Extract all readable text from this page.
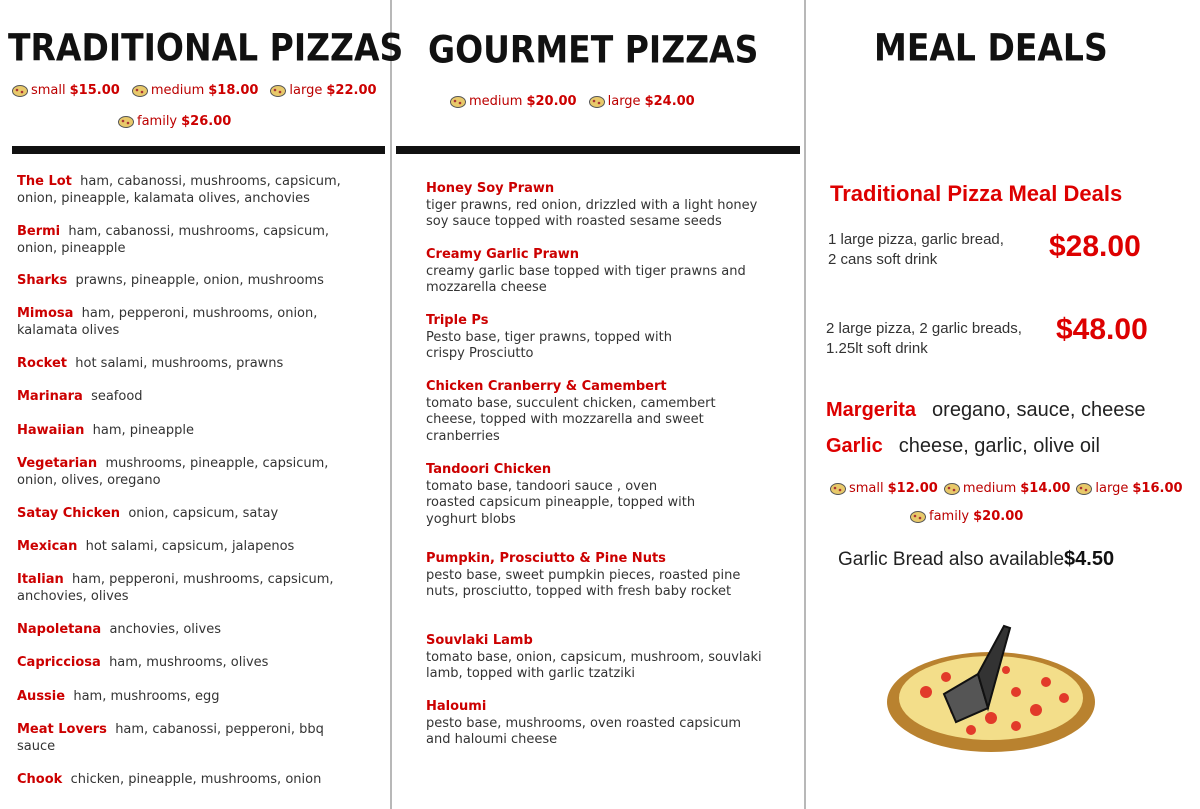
TRADITIONAL PIZZAS
small $15.00 medium $18.00 large $22.00
family $26.00
The Lot ham, cabanossi, mushrooms, capsicum, onion, pineapple, kalamata olives, anchovies
Bermi ham, cabanossi, mushrooms, capsicum, onion, pineapple
Sharks prawns, pineapple, onion, mushrooms
Mimosa ham, pepperoni, mushrooms, onion, kalamata olives
Rocket hot salami, mushrooms, prawns
Marinara seafood
Hawaiian ham, pineapple
Vegetarian mushrooms, pineapple, capsicum, onion, olives, oregano
Satay Chicken onion, capsicum, satay
Mexican hot salami, capsicum, jalapenos
Italian ham, pepperoni, mushrooms, capsicum, anchovies, olives
Napoletana anchovies, olives
Capricciosa ham, mushrooms, olives
Aussie ham, mushrooms, egg
Meat Lovers ham, cabanossi, pepperoni, bbq sauce
Chook chicken, pineapple, mushrooms, onion
GOURMET PIZZAS
medium $20.00 large $24.00
Honey Soy Prawn
tiger prawns, red onion, drizzled with a light honey soy sauce topped with roasted sesame seeds
Creamy Garlic Prawn
creamy garlic base topped with tiger prawns and mozzarella cheese
Triple Ps
Pesto base, tiger prawns, topped with crispy Prosciutto
Chicken Cranberry & Camembert
tomato base, succulent chicken, camembert cheese, topped with mozzarella and sweet cranberries
Tandoori Chicken
tomato base, tandoori sauce , oven roasted capsicum pineapple, topped with yoghurt blobs
Pumpkin, Prosciutto & Pine Nuts
pesto base, sweet pumpkin pieces, roasted pine nuts, prosciutto, topped with fresh baby rocket
Souvlaki Lamb
tomato base, onion, capsicum, mushroom, souvlaki lamb, topped with garlic tzatziki
Haloumi
pesto base, mushrooms, oven roasted capsicum and haloumi cheese
MEAL DEALS
Traditional Pizza Meal Deals
1 large pizza, garlic bread,
2 cans soft drink	$28.00
2 large pizza, 2 garlic breads,
1.25lt soft drink
$48.00
Margerita oregano, sauce, cheese
Garlic cheese, garlic, olive oil
small $12.00 medium $14.00 large $16.00
family $20.00
Garlic Bread also available$4.50
